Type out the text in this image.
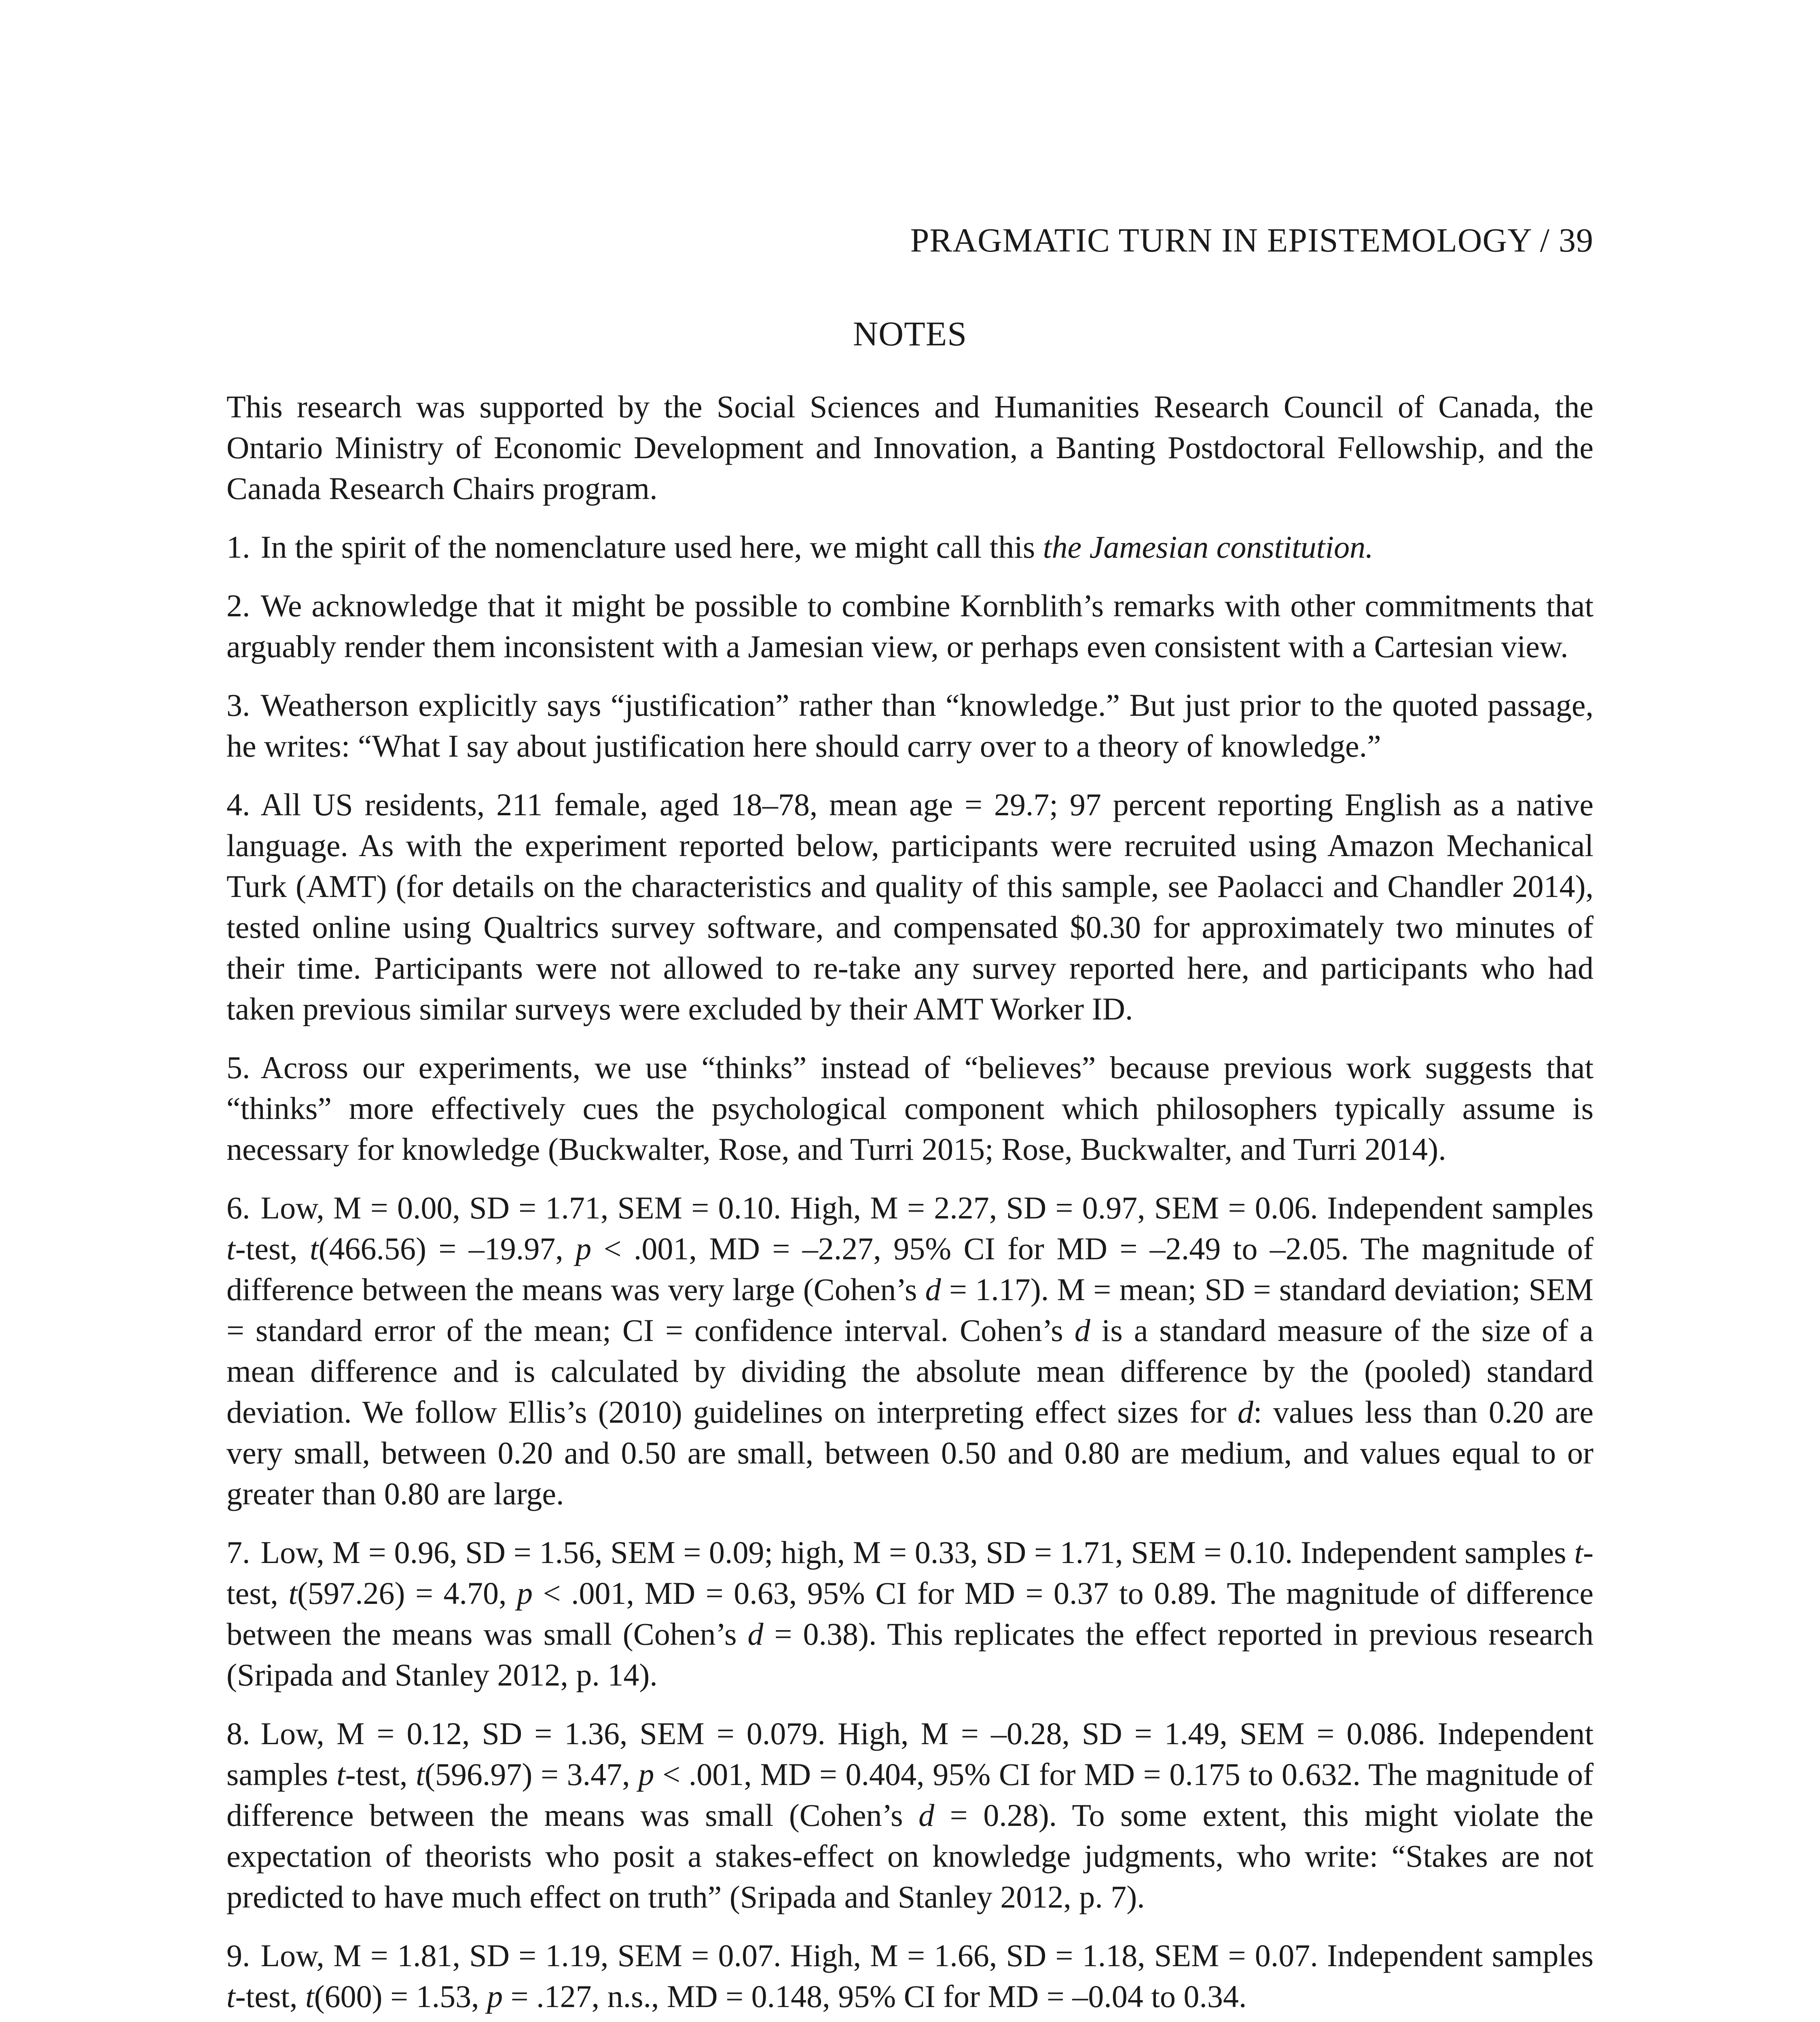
PRAGMATIC TURN IN EPISTEMOLOGY / 39
NOTES

This research was supported by the Social Sciences and Humanities Research Council of Canada, the Ontario Ministry of Economic Development and Innovation, a Banting Postdoctoral Fellowship, and the Canada Research Chairs program.

1. In the spirit of the nomenclature used here, we might call this the Jamesian constitution.

2. We acknowledge that it might be possible to combine Kornblith’s remarks with other commitments that arguably render them inconsistent with a Jamesian view, or perhaps even consistent with a Cartesian view.

3. Weatherson explicitly says “justification” rather than “knowledge.” But just prior to the quoted passage, he writes: “What I say about justification here should carry over to a theory of knowledge.”

4. All US residents, 211 female, aged 18–78, mean age = 29.7; 97 percent reporting English as a native language. As with the experiment reported below, participants were recruited using Amazon Mechanical Turk (AMT) (for details on the characteristics and quality of this sample, see Paolacci and Chandler 2014), tested online using Qualtrics survey software, and compensated $0.30 for approximately two minutes of their time. Participants were not allowed to re-take any survey reported here, and participants who had taken previous similar surveys were excluded by their AMT Worker ID.

5. Across our experiments, we use “thinks” instead of “believes” because previous work suggests that “thinks” more effectively cues the psychological component which philosophers typically assume is necessary for knowledge (Buckwalter, Rose, and Turri 2015; Rose, Buckwalter, and Turri 2014).

6. Low, M = 0.00, SD = 1.71, SEM = 0.10. High, M = 2.27, SD = 0.97, SEM = 0.06. Independent samples t-test, t(466.56) = –19.97, p < .001, MD = –2.27, 95% CI for MD = –2.49 to –2.05. The magnitude of difference between the means was very large (Cohen’s d = 1.17). M = mean; SD = standard deviation; SEM = standard error of the mean; CI = confidence interval. Cohen’s d is a standard measure of the size of a mean difference and is calculated by dividing the absolute mean difference by the (pooled) standard deviation. We follow Ellis’s (2010) guidelines on interpreting effect sizes for d: values less than 0.20 are very small, between 0.20 and 0.50 are small, between 0.50 and 0.80 are medium, and values equal to or greater than 0.80 are large.

7. Low, M = 0.96, SD = 1.56, SEM = 0.09; high, M = 0.33, SD = 1.71, SEM = 0.10. Independent samples t-test, t(597.26) = 4.70, p < .001, MD = 0.63, 95% CI for MD = 0.37 to 0.89. The magnitude of difference between the means was small (Cohen’s d = 0.38). This replicates the effect reported in previous research (Sripada and Stanley 2012, p. 14).

8. Low, M = 0.12, SD = 1.36, SEM = 0.079. High, M = –0.28, SD = 1.49, SEM = 0.086. Independent samples t-test, t(596.97) = 3.47, p < .001, MD = 0.404, 95% CI for MD = 0.175 to 0.632. The magnitude of difference between the means was small (Cohen’s d = 0.28). To some extent, this might violate the expectation of theorists who posit a stakes-effect on knowledge judgments, who write: “Stakes are not predicted to have much effect on truth” (Sripada and Stanley 2012, p. 7).

9. Low, M = 1.81, SD = 1.19, SEM = 0.07. High, M = 1.66, SD = 1.18, SEM = 0.07. Independent samples t-test, t(600) = 1.53, p = .127, n.s., MD = 0.148, 95% CI for MD = –0.04 to 0.34.
